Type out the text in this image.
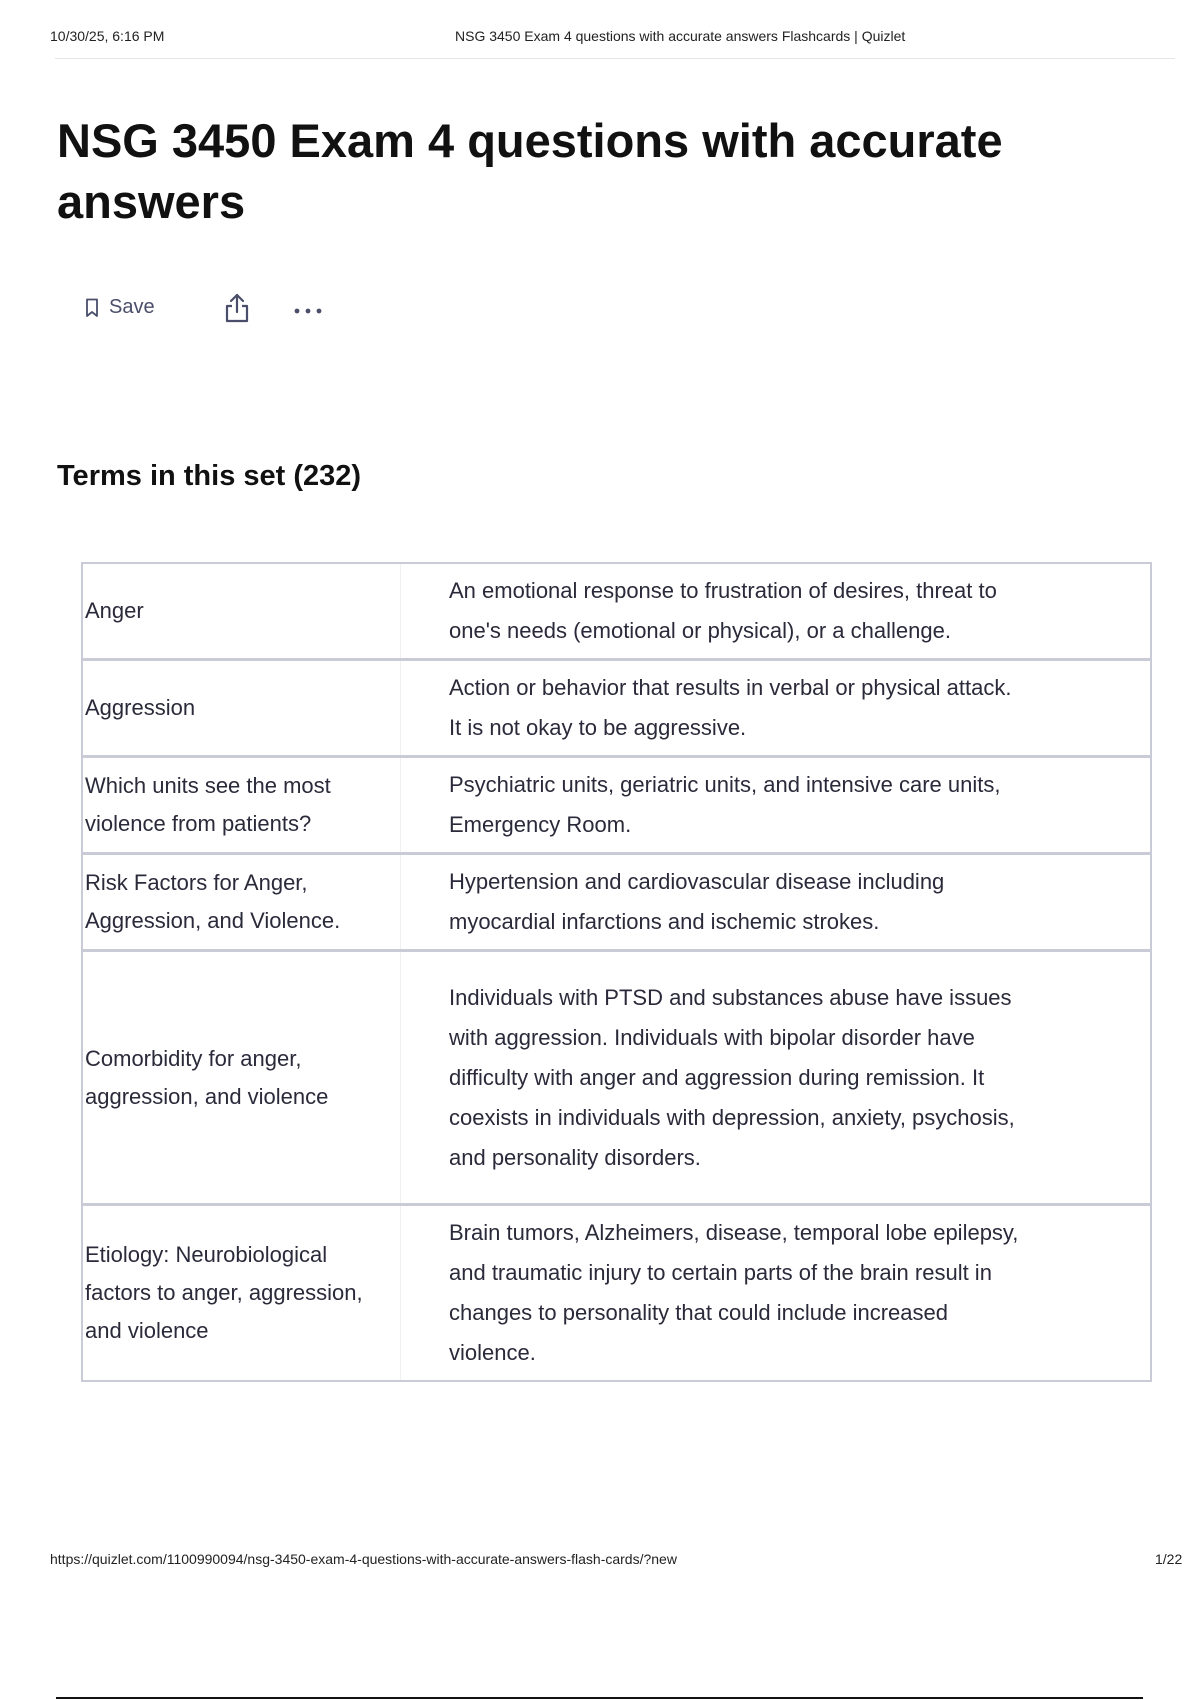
10/30/25, 6:16 PM	NSG 3450 Exam 4 questions with accurate answers Flashcards | Quizlet
NSG 3450 Exam 4 questions with accurate answers
Save
Terms in this set (232)
Anger
An emotional response to frustration of desires, threat to one's needs (emotional or physical), or a challenge.
Aggression
Action or behavior that results in verbal or physical attack. It is not okay to be aggressive.
Which units see the most violence from patients?
Psychiatric units, geriatric units, and intensive care units, Emergency Room.
Risk Factors for Anger, Aggression, and Violence.
Hypertension and cardiovascular disease including myocardial infarctions and ischemic strokes.
Comorbidity for anger, aggression, and violence
Individuals with PTSD and substances abuse have issues with aggression. Individuals with bipolar disorder have difficulty with anger and aggression during remission. It coexists in individuals with depression, anxiety, psychosis, and personality disorders.
Etiology: Neurobiological factors to anger, aggression, and violence
Brain tumors, Alzheimers, disease, temporal lobe epilepsy, and traumatic injury to certain parts of the brain result in changes to personality that could include increased violence.
https://quizlet.com/1100990094/nsg-3450-exam-4-questions-with-accurate-answers-flash-cards/?new	1/22
